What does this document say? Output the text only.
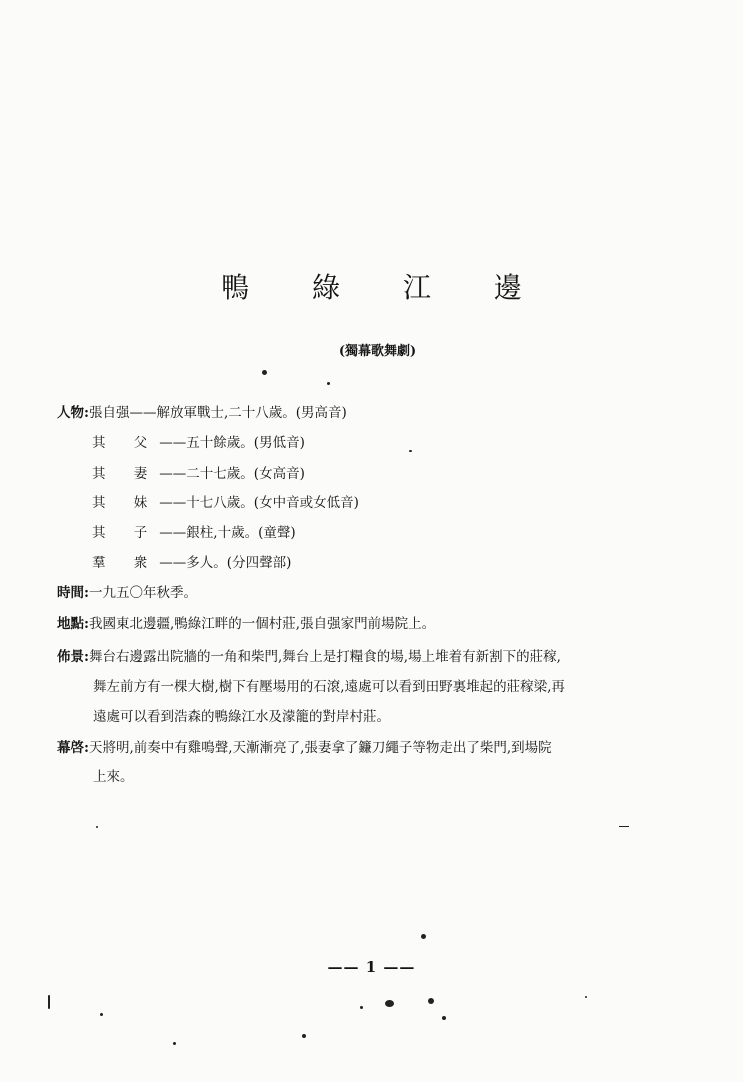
鴨 綠 江 邊
(獨幕歌舞劇)
人物:張自强——解放軍戰士,二十八歲。(男高音)
其 父——五十餘歲。(男低音)
其 妻——二十七歲。(女高音)
其 妹——十七八歲。(女中音或女低音)
其 子——銀柱,十歲。(童聲)
羣 衆——多人。(分四聲部)
時間:一九五〇年秋季。
地點:我國東北邊疆,鴨綠江畔的一個村莊,張自强家門前場院上。
佈景:舞台右邊露出院牆的一角和柴門,舞台上是打糧食的場,場上堆着有新割下的莊稼,
舞左前方有一棵大樹,樹下有壓場用的石滾,遠處可以看到田野裏堆起的莊稼梁,再
遠處可以看到浩森的鴨綠江水及濛籠的對岸村莊。
幕啓:天將明,前奏中有雞鳴聲,天漸漸亮了,張妻拿了鐮刀繩子等物走出了柴門,到場院
上來。
—— 1 ——
